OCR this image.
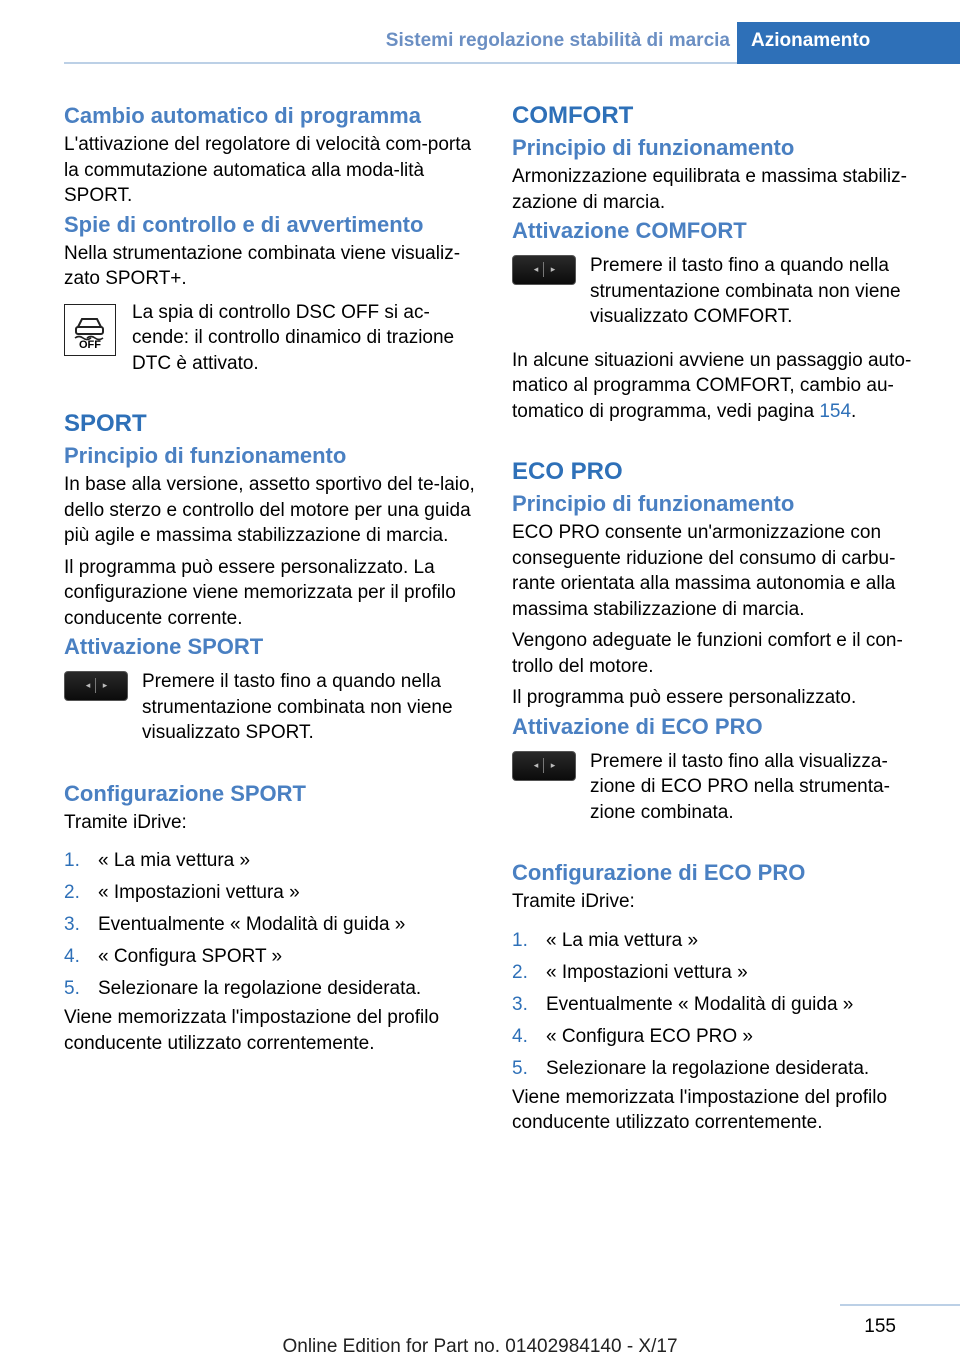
Sistemi regolazione stabilità di marcia	Azionamento
Cambio automatico di programma

L'attivazione del regolatore di velocità com-porta la commutazione automatica alla moda-lità SPORT.

Spie di controllo e di avvertimento

Nella strumentazione combinata viene visualiz-zato SPORT+.

OFF

La spia di controllo DSC OFF si ac-cende: il controllo dinamico di trazione DTC è attivato.

SPORT
Principio di funzionamento

In base alla versione, assetto sportivo del te-laio, dello sterzo e controllo del motore per una guida più agile e massima stabilizzazione di marcia.

Il programma può essere personalizzato. La configurazione viene memorizzata per il profilo conducente corrente.

Attivazione SPORT
◂	▸ Premere il tasto fino a quando nella strumentazione combinata non viene visualizzato SPORT.

Configurazione SPORT

Tramite iDrive:

1. « La mia vettura »
2. « Impostazioni vettura »
3. Eventualmente « Modalità di guida »
4. « Configura SPORT »
5. Selezionare la regolazione desiderata.

Viene memorizzata l'impostazione del profilo conducente utilizzato correntemente.

COMFORT
Principio di funzionamento

Armonizzazione equilibrata e massima stabiliz-zazione di marcia.

Attivazione COMFORT
◂	▸ Premere il tasto fino a quando nella strumentazione combinata non viene visualizzato COMFORT.

In alcune situazioni avviene un passaggio auto-matico al programma COMFORT, cambio au-tomatico di programma, vedi pagina 154.

ECO PRO
Principio di funzionamento

ECO PRO consente un'armonizzazione con conseguente riduzione del consumo di carbu-rante orientata alla massima autonomia e alla massima stabilizzazione di marcia.

Vengono adeguate le funzioni comfort e il con-trollo del motore.

Il programma può essere personalizzato.

Attivazione di ECO PRO
◂	▸ Premere il tasto fino alla visualizza-zione di ECO PRO nella strumenta-zione combinata.

Configurazione di ECO PRO

Tramite iDrive:

1. « La mia vettura »
2. « Impostazioni vettura »
3. Eventualmente « Modalità di guida »
4. « Configura ECO PRO »
5. Selezionare la regolazione desiderata.

Viene memorizzata l'impostazione del profilo conducente utilizzato correntemente.

155
Online Edition for Part no. 01402984140 - X/17
